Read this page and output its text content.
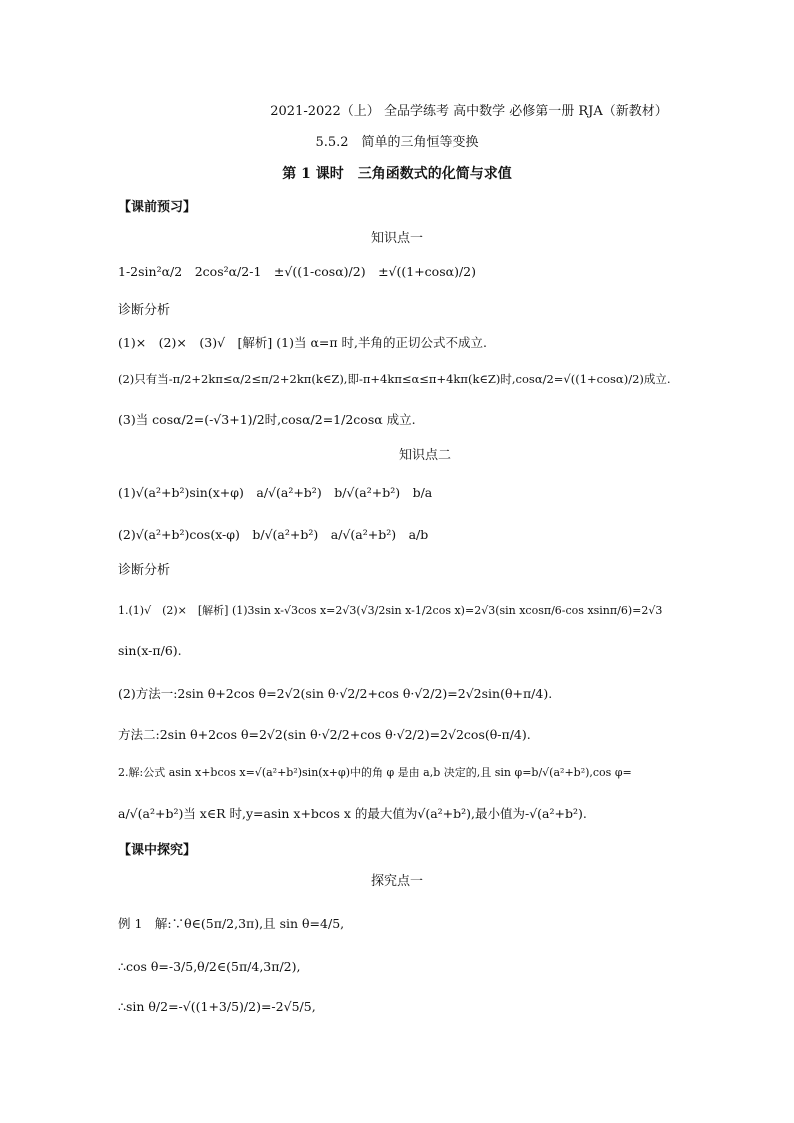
2021-2022（上） 全品学练考 高中数学 必修第一册 RJA（新教材）
5.5.2　简单的三角恒等变换
第 1 课时　三角函数式的化简与求值
【课前预习】
知识点一
1-2sin²α/2　2cos²α/2-1　±√((1-cosα)/2)　±√((1+cosα)/2)
诊断分析
(1)×　(2)×　(3)√　[解析] (1)当 α=π 时,半角的正切公式不成立.
(2)只有当-π/2+2kπ≤α/2≤π/2+2kπ(k∈Z),即-π+4kπ≤α≤π+4kπ(k∈Z)时,cosα/2=√((1+cosα)/2)成立.
(3)当 cosα/2=(-√3+1)/2时,cosα/2=1/2cosα 成立.
知识点二
(1)√(a²+b²)sin(x+φ)　a/√(a²+b²)　b/√(a²+b²)　b/a
(2)√(a²+b²)cos(x-φ)　b/√(a²+b²)　a/√(a²+b²)　a/b
诊断分析
1.(1)√　(2)×　[解析] (1)3sin x-√3cos x=2√3(√3/2sin x-1/2cos x)=2√3(sin xcosπ/6-cos xsinπ/6)=2√3
sin(x-π/6).
(2)方法一:2sin θ+2cos θ=2√2(sin θ·√2/2+cos θ·√2/2)=2√2sin(θ+π/4).
方法二:2sin θ+2cos θ=2√2(sin θ·√2/2+cos θ·√2/2)=2√2cos(θ-π/4).
2.解:公式 asin x+bcos x=√(a²+b²)sin(x+φ)中的角 φ 是由 a,b 决定的,且 sin φ=b/√(a²+b²),cos φ=
a/√(a²+b²)当 x∈R 时,y=asin x+bcos x 的最大值为√(a²+b²),最小值为-√(a²+b²).
【课中探究】
探究点一
例 1　解:∵θ∈(5π/2,3π),且 sin θ=4/5,
∴cos θ=-3/5,θ/2∈(5π/4,3π/2),
∴sin θ/2=-√((1+3/5)/2)=-2√5/5,
